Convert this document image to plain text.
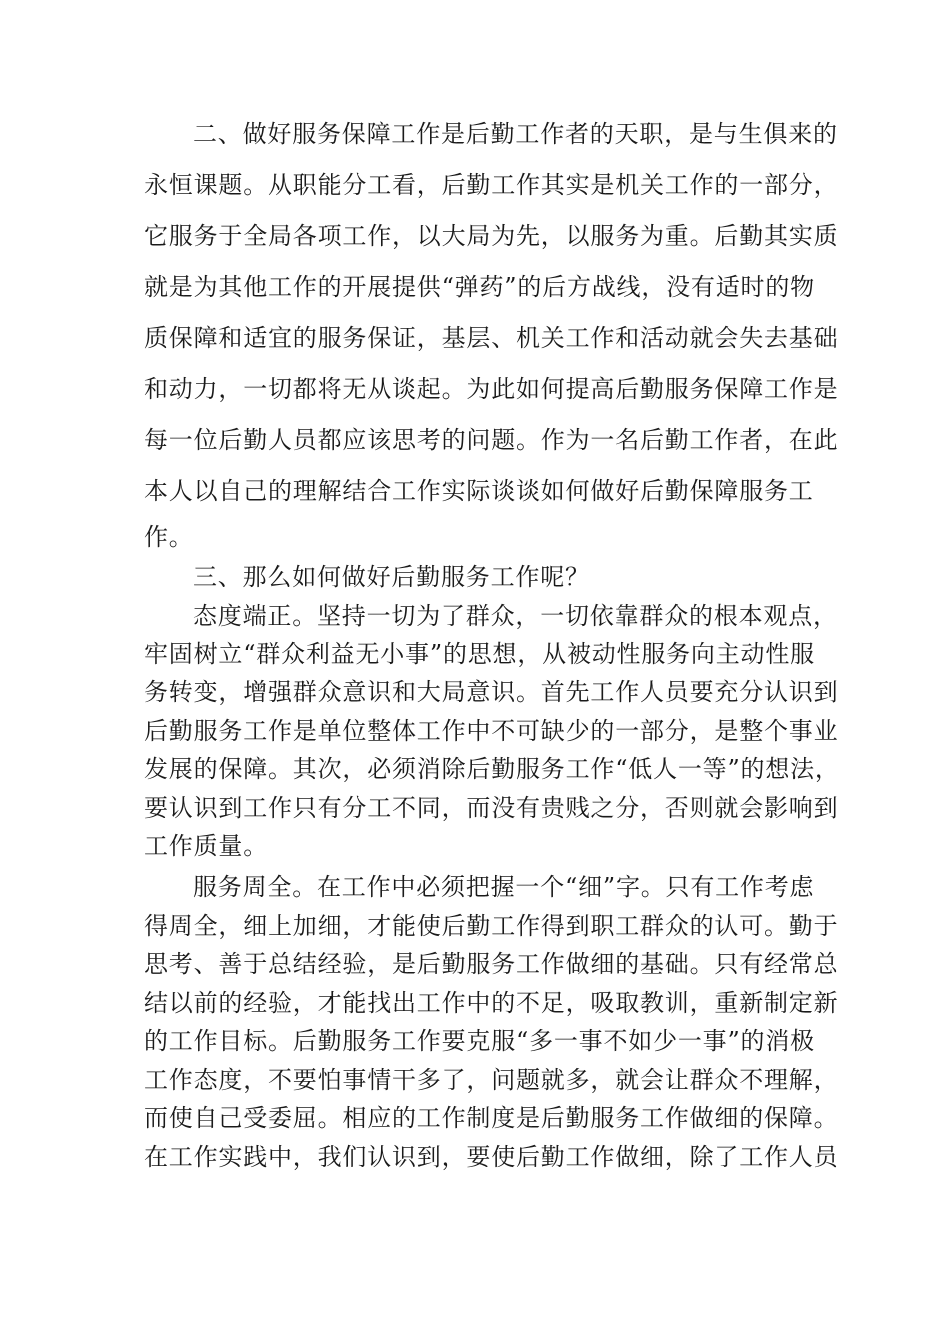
二、做好服务保障工作是后勤工作者的天职，是与生俱来的
永恒课题。从职能分工看，后勤工作其实是机关工作的一部分，
它服务于全局各项工作，以大局为先，以服务为重。后勤其实质
就是为其他工作的开展提供“弹药”的后方战线，没有适时的物
质保障和适宜的服务保证，基层、机关工作和活动就会失去基础
和动力，一切都将无从谈起。为此如何提高后勤服务保障工作是
每一位后勤人员都应该思考的问题。作为一名后勤工作者，在此
本人以自己的理解结合工作实际谈谈如何做好后勤保障服务工
作。
三、那么如何做好后勤服务工作呢？
态度端正。坚持一切为了群众，一切依靠群众的根本观点，
牢固树立“群众利益无小事”的思想，从被动性服务向主动性服
务转变，增强群众意识和大局意识。首先工作人员要充分认识到
后勤服务工作是单位整体工作中不可缺少的一部分，是整个事业
发展的保障。其次，必须消除后勤服务工作“低人一等”的想法，
要认识到工作只有分工不同，而没有贵贱之分，否则就会影响到
工作质量。
服务周全。在工作中必须把握一个“细”字。只有工作考虑
得周全，细上加细，才能使后勤工作得到职工群众的认可。勤于
思考、善于总结经验，是后勤服务工作做细的基础。只有经常总
结以前的经验，才能找出工作中的不足，吸取教训，重新制定新
的工作目标。后勤服务工作要克服“多一事不如少一事”的消极
工作态度，不要怕事情干多了，问题就多，就会让群众不理解，
而使自己受委屈。相应的工作制度是后勤服务工作做细的保障。
在工作实践中，我们认识到，要使后勤工作做细，除了工作人员
